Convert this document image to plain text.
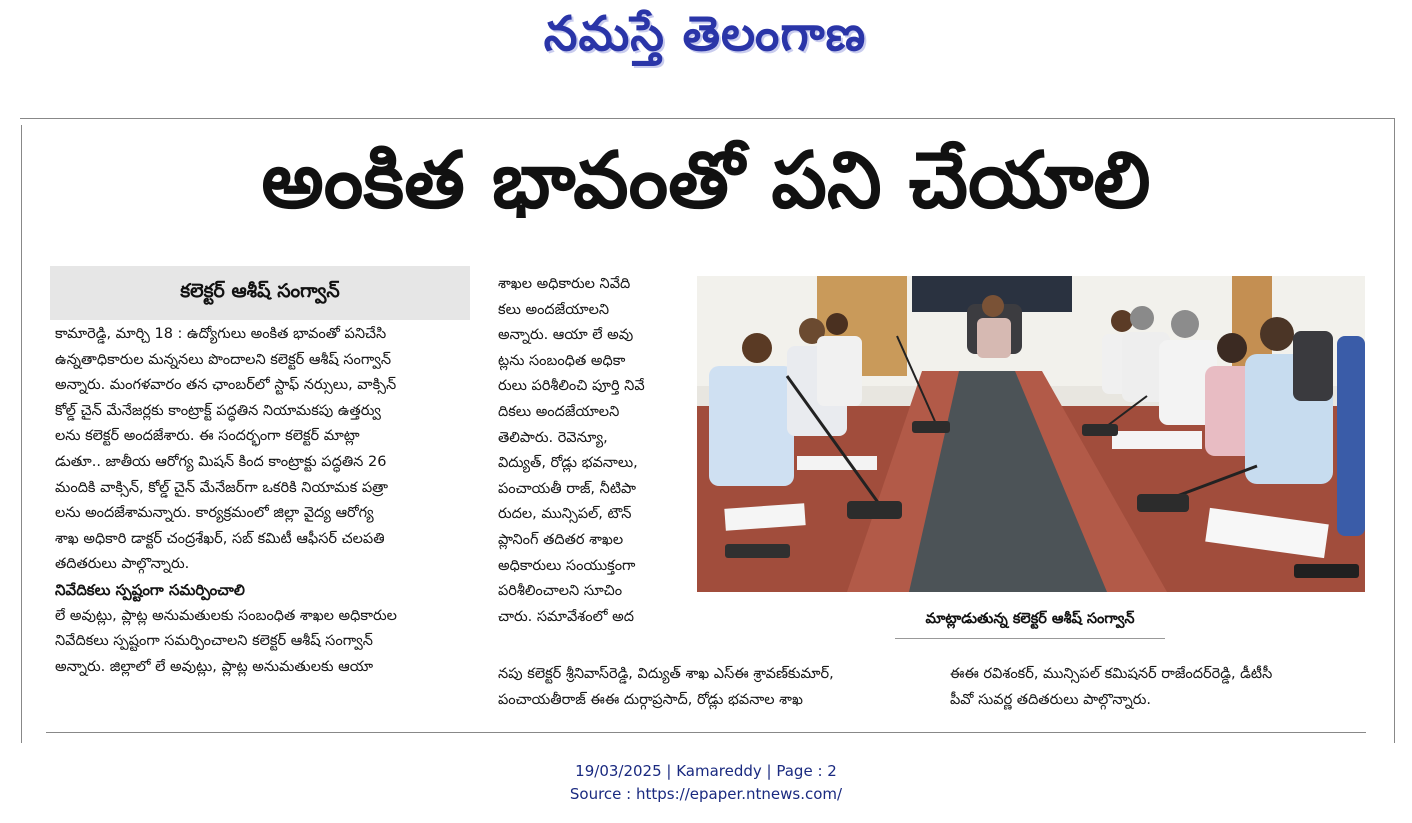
నమస్తే తెలంగాణ
అంకిత భావంతో పని చేయాలి
కలెక్టర్ ఆశీష్ సంగ్వాన్

కామారెడ్డి, మార్చి 18 : ఉద్యోగులు అంకిత భావంతో పనిచేసి

ఉన్నతాధికారుల మన్ననలు పొందాలని కలెక్టర్ ఆశీష్ సంగ్వాన్

అన్నారు. మంగళవారం తన ఛాంబర్‌లో స్టాఫ్ నర్సులు, వాక్సిన్

కోల్డ్ చైన్ మేనేజర్లకు కాంట్రాక్ట్ పద్ధతిన నియామకపు ఉత్తర్వు

లను కలెక్టర్ అందజేశారు. ఈ సందర్భంగా కలెక్టర్ మాట్లా

డుతూ.. జాతీయ ఆరోగ్య మిషన్ కింద కాంట్రాక్టు పద్ధతిన 26

మందికి వాక్సిన్, కోల్డ్ చైన్ మేనేజర్‌గా ఒకరికి నియామక పత్రా

లను అందజేశామన్నారు. కార్యక్రమంలో జిల్లా వైద్య ఆరోగ్య

శాఖ అధికారి డాక్టర్ చంద్రశేఖర్, సబ్ కమిటీ ఆఫీసర్ చలపతి

తదితరులు పాల్గొన్నారు.

నివేదికలు స్పష్టంగా సమర్పించాలి

లే అవుట్లు, ప్లాట్ల అనుమతులకు సంబంధిత శాఖల అధికారుల

నివేదికలు స్పష్టంగా సమర్పించాలని కలెక్టర్ ఆశీష్ సంగ్వాన్

అన్నారు. జిల్లాలో లే అవుట్లు, ప్లాట్ల అనుమతులకు ఆయా

శాఖల అధికారుల నివేది

కలు అందజేయాలని

అన్నారు. ఆయా లే అవు

ట్లను సంబంధిత అధికా

రులు పరిశీలించి పూర్తి నివే

దికలు అందజేయాలని

తెలిపారు. రెవెన్యూ,

విద్యుత్, రోడ్లు భవనాలు,

పంచాయతీ రాజ్, నీటిపా

రుదల, మున్సిపల్, టౌన్

ప్లానింగ్ తదితర శాఖల

అధికారులు సంయుక్తంగా

పరిశీలించాలని సూచిం

చారు. సమావేశంలో అద

నపు కలెక్టర్ శ్రీనివాస్‌రెడ్డి, విద్యుత్ శాఖ ఎస్‌ఈ శ్రావణ్‌కుమార్,

పంచాయతీరాజ్ ఈఈ దుర్గాప్రసాద్, రోడ్లు భవనాల శాఖ

ఈఈ రవిశంకర్, మున్సిపల్ కమిషనర్ రాజేందర్‌రెడ్డి, డీటీసీ

పీవో సువర్ణ తదితరులు పాల్గొన్నారు.

మాట్లాడుతున్న కలెక్టర్ ఆశీష్ సంగ్వాన్
19/03/2025 | Kamareddy | Page : 2
Source : https://epaper.ntnews.com/
